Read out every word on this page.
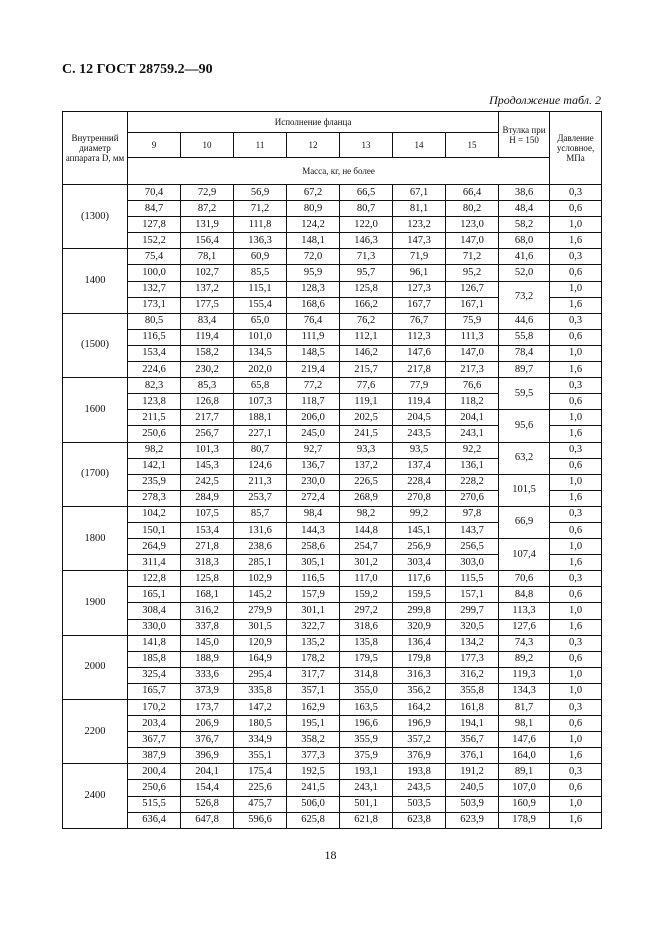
С. 12 ГОСТ 28759.2—90
Продолжение табл. 2
Внутренний диаметр аппарата D, мм	Исполнение фланца							Втулка при H = 150	Давление условное, МПа
	9	10	11	12	13	14	15		
	Масса, кг, не более								
(1300)	70,4	72,9	56,9	67,2	66,5	67,1	66,4	38,6	0,3
	84,7	87,2	71,2	80,9	80,7	81,1	80,2	48,4	0,6
	127,8	131,9	111,8	124,2	122,0	123,2	123,0	58,2	1,0
	152,2	156,4	136,3	148,1	146,3	147,3	147,0	68,0	1,6
1400	75,4	78,1	60,9	72,0	71,3	71,9	71,2	41,6	0,3
	100,0	102,7	85,5	95,9	95,7	96,1	95,2	52,0	0,6
	132,7	137,2	115,1	128,3	125,8	127,3	126,7	73,2	1,0
	173,1	177,5	155,4	168,6	166,2	167,7	167,1		1,6
(1500)	80,5	83,4	65,0	76,4	76,2	76,7	75,9	44,6	0,3
	116,5	119,4	101,0	111,9	112,1	112,3	111,3	55,8	0,6
	153,4	158,2	134,5	148,5	146,2	147,6	147,0	78,4	1,0
	224,6	230,2	202,0	219,4	215,7	217,8	217,3	89,7	1,6
1600	82,3	85,3	65,8	77,2	77,6	77,9	76,6	59,5	0,3
	123,8	126,8	107,3	118,7	119,1	119,4	118,2		0,6
	211,5	217,7	188,1	206,0	202,5	204,5	204,1	95,6	1,0
	250,6	256,7	227,1	245,0	241,5	243,5	243,1		1,6
(1700)	98,2	101,3	80,7	92,7	93,3	93,5	92,2	63,2	0,3
	142,1	145,3	124,6	136,7	137,2	137,4	136,1		0,6
	235,9	242,5	211,3	230,0	226,5	228,4	228,2	101,5	1,0
	278,3	284,9	253,7	272,4	268,9	270,8	270,6		1,6
1800	104,2	107,5	85,7	98,4	98,2	99,2	97,8	66,9	0,3
	150,1	153,4	131,6	144,3	144,8	145,1	143,7		0,6
	264,9	271,8	238,6	258,6	254,7	256,9	256,5	107,4	1,0
	311,4	318,3	285,1	305,1	301,2	303,4	303,0		1,6
1900	122,8	125,8	102,9	116,5	117,0	117,6	115,5	70,6	0,3
	165,1	168,1	145,2	157,9	159,2	159,5	157,1	84,8	0,6
	308,4	316,2	279,9	301,1	297,2	299,8	299,7	113,3	1,0
	330,0	337,8	301,5	322,7	318,6	320,9	320,5	127,6	1,6
2000	141,8	145,0	120,9	135,2	135,8	136,4	134,2	74,3	0,3
	185,8	188,9	164,9	178,2	179,5	179,8	177,3	89,2	0,6
	325,4	333,6	295,4	317,7	314,8	316,3	316,2	119,3	1,0
	165,7	373,9	335,8	357,1	355,0	356,2	355,8	134,3	1,0
2200	170,2	173,7	147,2	162,9	163,5	164,2	161,8	81,7	0,3
	203,4	206,9	180,5	195,1	196,6	196,9	194,1	98,1	0,6
	367,7	376,7	334,9	358,2	355,9	357,2	356,7	147,6	1,0
	387,9	396,9	355,1	377,3	375,9	376,9	376,1	164,0	1,6
2400	200,4	204,1	175,4	192,5	193,1	193,8	191,2	89,1	0,3
	250,6	154,4	225,6	241,5	243,1	243,5	240,5	107,0	0,6
	515,5	526,8	475,7	506,0	501,1	503,5	503,9	160,9	1,0
	636,4	647,8	596,6	625,8	621,8	623,8	623,9	178,9	1,6
18
